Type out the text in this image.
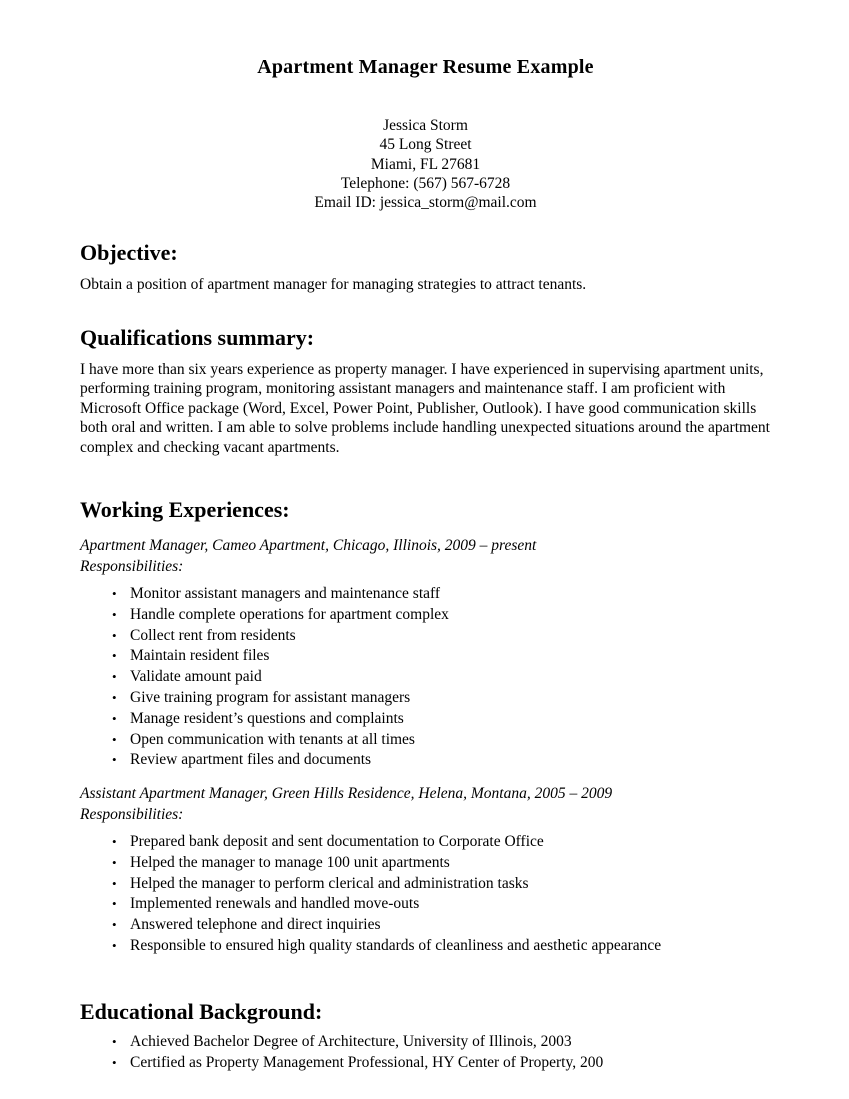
Apartment Manager Resume Example
Jessica Storm
45 Long Street
Miami, FL 27681
Telephone: (567) 567-6728
Email ID: jessica_storm@mail.com
Objective:

Obtain a position of apartment manager for managing strategies to attract tenants.

Qualifications summary:

I have more than six years experience as property manager. I have experienced in supervising apartment units, performing training program, monitoring assistant managers and maintenance staff. I am proficient with Microsoft Office package (Word, Excel, Power Point, Publisher, Outlook). I have good communication skills both oral and written. I am able to solve problems include handling unexpected situations around the apartment complex and checking vacant apartments.

Working Experiences:

Apartment Manager, Cameo Apartment, Chicago, Illinois, 2009 – present

Responsibilities:

• Monitor assistant managers and maintenance staff
• Handle complete operations for apartment complex
• Collect rent from residents
• Maintain resident files
• Validate amount paid
• Give training program for assistant managers
• Manage resident’s questions and complaints
• Open communication with tenants at all times
• Review apartment files and documents

Assistant Apartment Manager, Green Hills Residence, Helena, Montana, 2005 – 2009

Responsibilities:

• Prepared bank deposit and sent documentation to Corporate Office
• Helped the manager to manage 100 unit apartments
• Helped the manager to perform clerical and administration tasks
• Implemented renewals and handled move-outs
• Answered telephone and direct inquiries
• Responsible to ensured high quality standards of cleanliness and aesthetic appearance
Educational Background:
• Achieved Bachelor Degree of Architecture, University of Illinois, 2003
• Certified as Property Management Professional, HY Center of Property, 200
